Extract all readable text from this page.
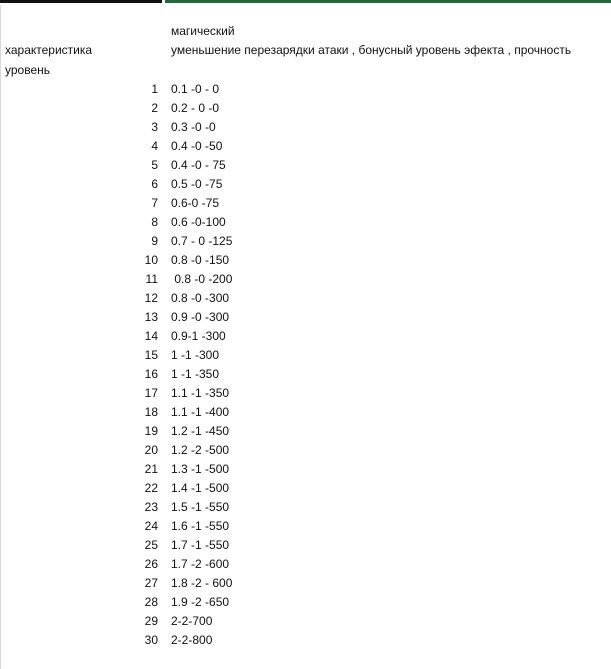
магический
уменьшение перезарядки атаки , бонусный уровень эфекта , прочность
характеристика
уровень
1 0.1 -0 - 0
2 0.2 - 0 -0
3 0.3 -0 -0
4 0.4 -0 -50
5 0.4 -0 - 75
6 0.5 -0 -75
7 0.6-0 -75
8 0.6 -0-100
9 0.7 - 0 -125
10 0.8 -0 -150
11 0.8 -0 -200
12 0.8 -0 -300
13 0.9 -0 -300
14 0.9-1 -300
15 1 -1 -300
16 1 -1 -350
17 1.1 -1 -350
18 1.1 -1 -400
19 1.2 -1 -450
20 1.2 -2 -500
21 1.3 -1 -500
22 1.4 -1 -500
23 1.5 -1 -550
24 1.6 -1 -550
25 1.7 -1 -550
26 1.7 -2 -600
27 1.8 -2 - 600
28 1.9 -2 -650
29 2-2-700
30 2-2-800
